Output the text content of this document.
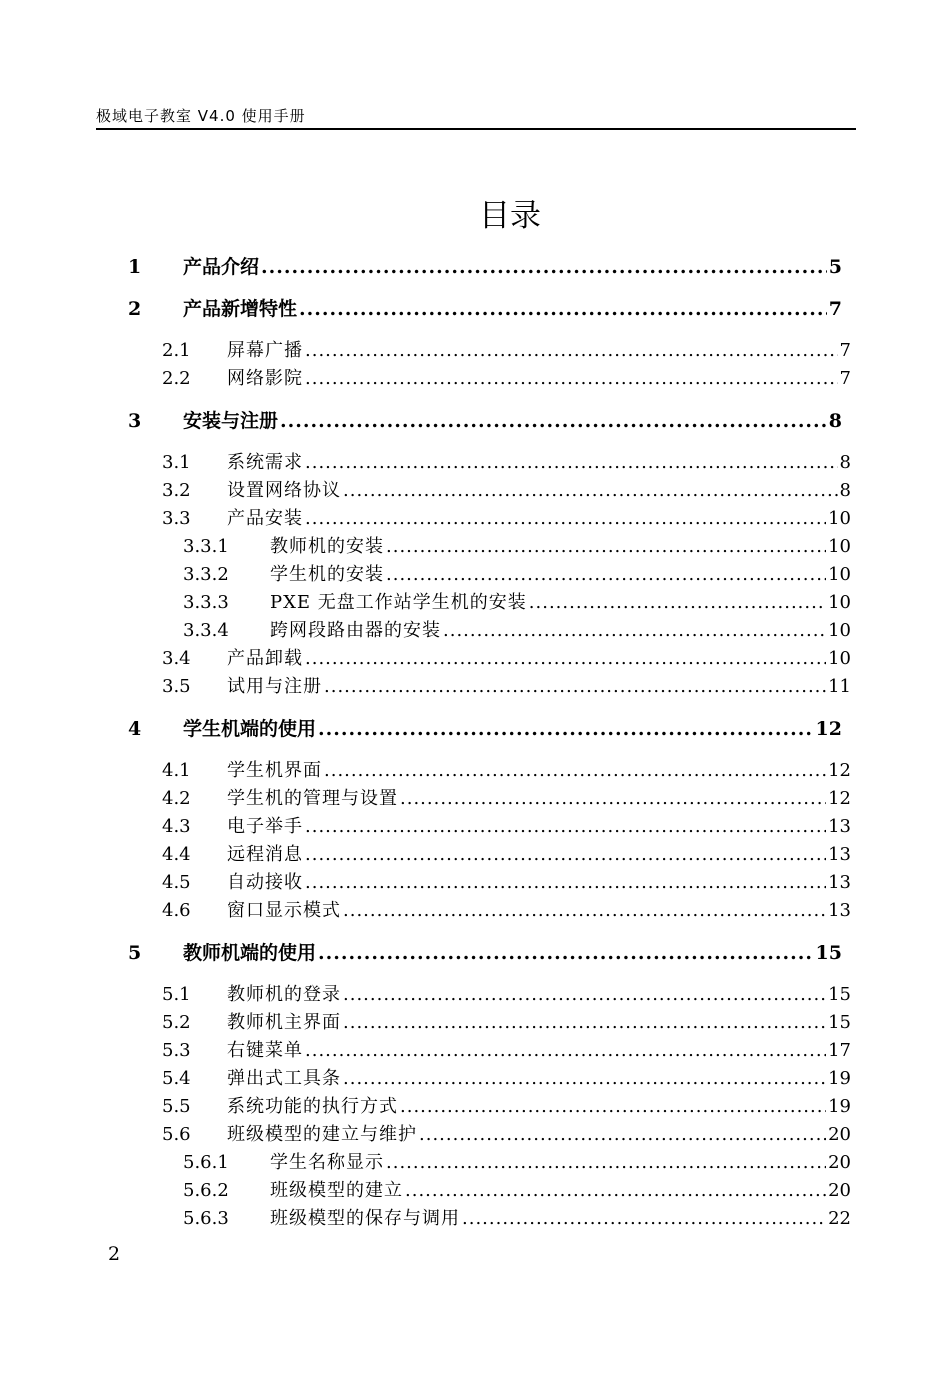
极域电子教室 V4.0 使用手册
目录
1	产品介绍 .....	5
2	产品新增特性 .....	7
2.1	屏幕广播 .....	7
2.2	网络影院 .....	7
3	安装与注册 .....	8
3.1	系统需求 .....	8
3.2	设置网络协议 .....	8
3.3	产品安装 .....	10
3.3.1	教师机的安装 .....	10
3.3.2	学生机的安装 .....	10
3.3.3	PXE 无盘工作站学生机的安装 .....	10
3.3.4	跨网段路由器的安装 .....	10
3.4	产品卸载 .....	10
3.5	试用与注册 .....	11
4	学生机端的使用 .....	12
4.1	学生机界面 .....	12
4.2	学生机的管理与设置 .....	12
4.3	电子举手 .....	13
4.4	远程消息 .....	13
4.5	自动接收 .....	13
4.6	窗口显示模式 .....	13
5	教师机端的使用 .....	15
5.1	教师机的登录 .....	15
5.2	教师机主界面 .....	15
5.3	右键菜单 .....	17
5.4	弹出式工具条 .....	19
5.5	系统功能的执行方式 .....	19
5.6	班级模型的建立与维护 .....	20
5.6.1	学生名称显示 .....	20
5.6.2	班级模型的建立 .....	20
5.6.3	班级模型的保存与调用 .....	22
2
